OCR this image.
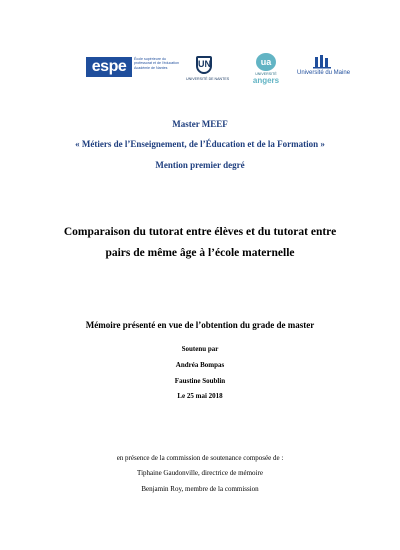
espe	École supérieure du professorat et de l'éducation Académie de Nantes	UN
UNIVERSITÉ DE NANTES
ua
UNIVERSITÉ
angers
Université du Maine
Master MEEF
« Métiers de l’Enseignement, de l’Éducation et de la Formation »
Mention premier degré
Comparaison du tutorat entre élèves et du tutorat entre
pairs de même âge à l’école maternelle
Mémoire présenté en vue de l’obtention du grade de master
Soutenu par
Andréa Bompas
Faustine Soublin
Le 25 mai 2018
en présence de la commission de soutenance composée de :
Tiphaine Gaudonville, directrice de mémoire
Benjamin Roy, membre de la commission
